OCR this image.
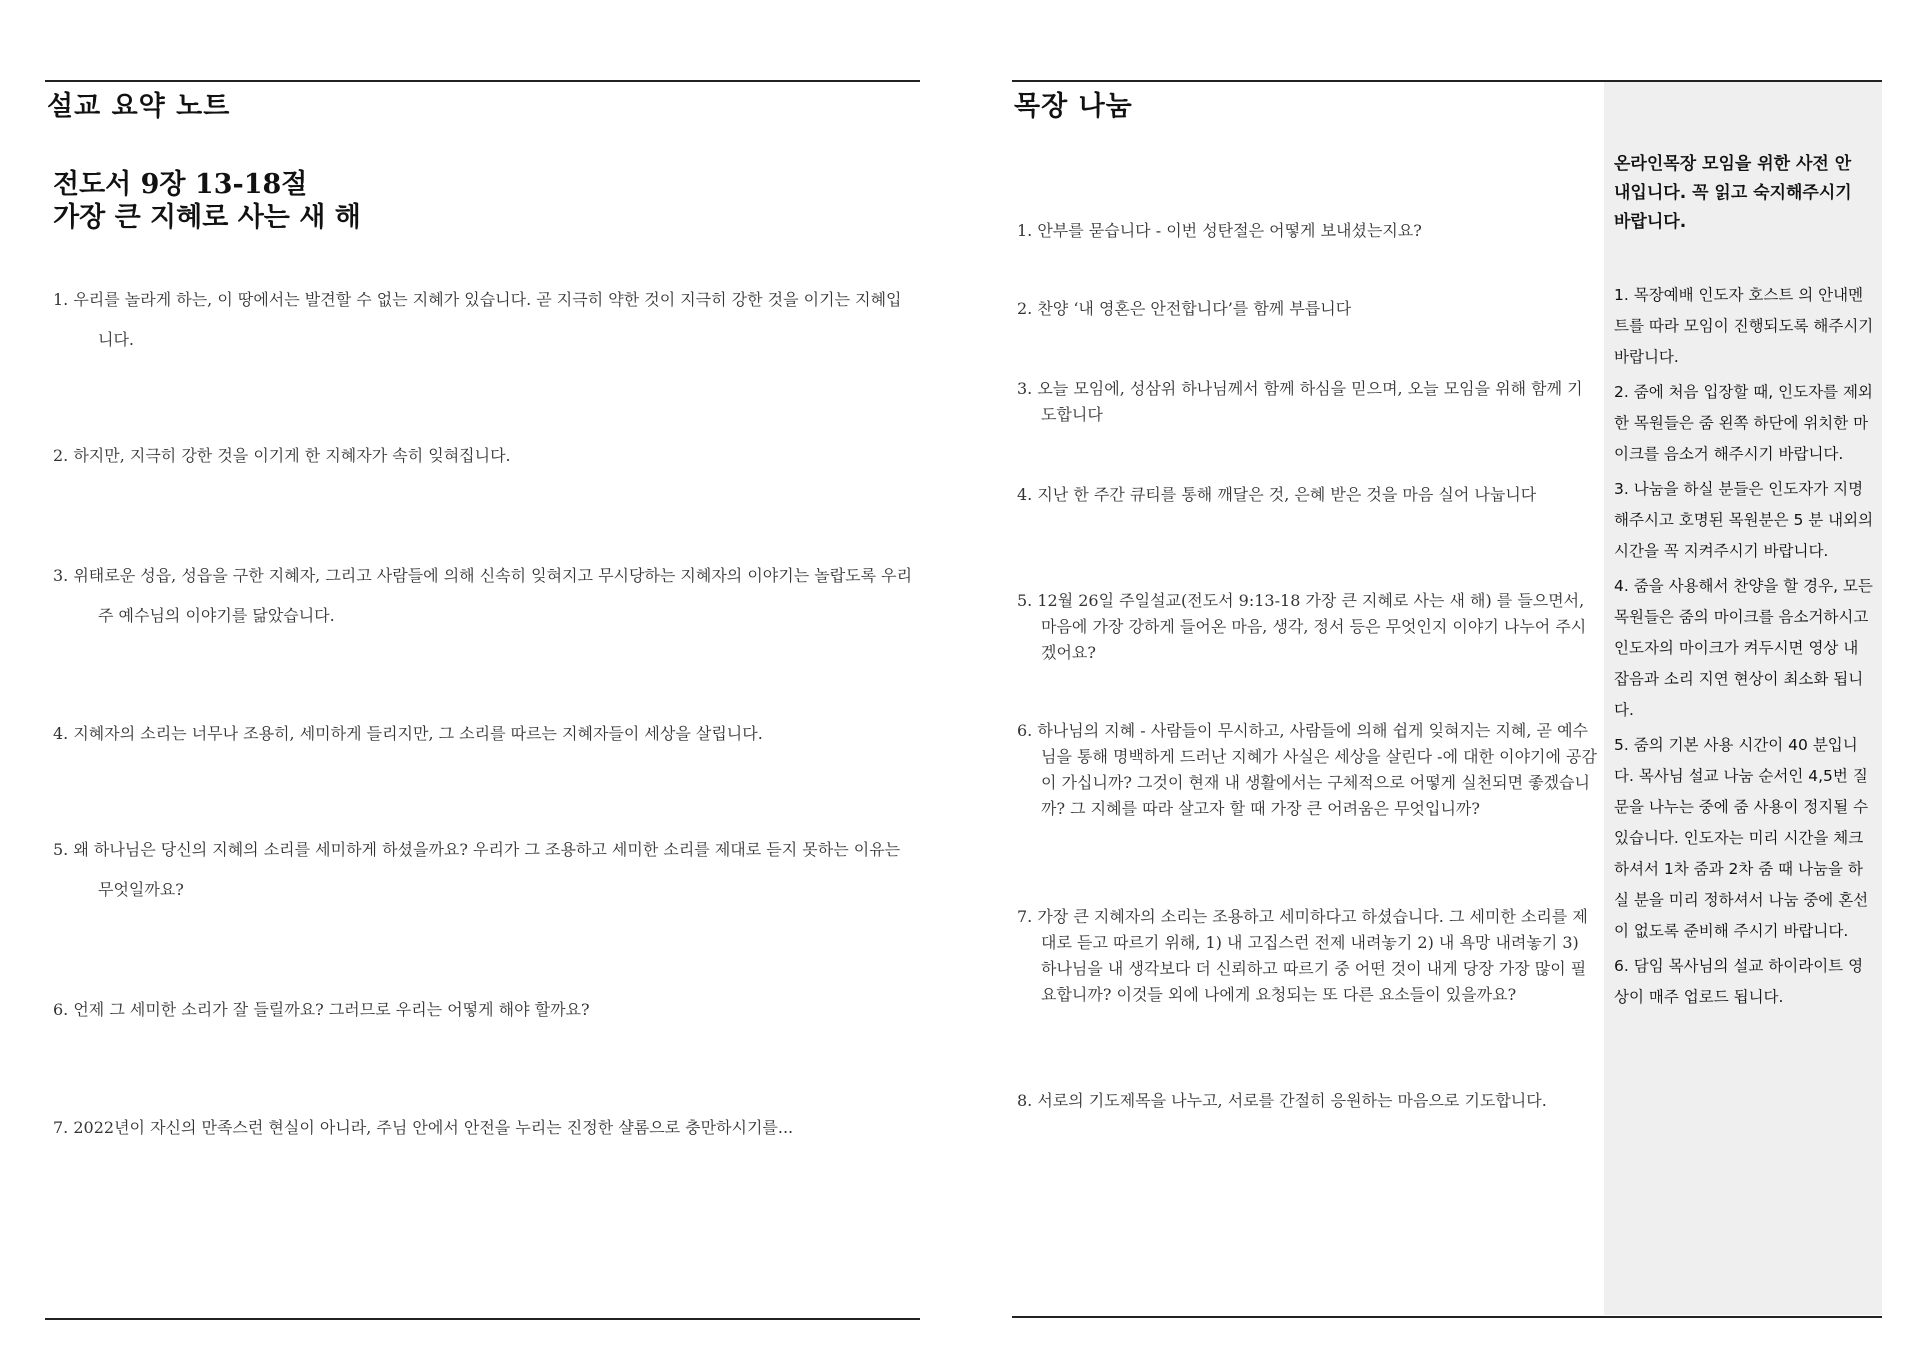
설교 요약 노트
전도서 9장 13-18절
가장 큰 지혜로 사는 새 해
1. 우리를 놀라게 하는, 이 땅에서는 발견할 수 없는 지혜가 있습니다. 곧 지극히 약한 것이 지극히 강한 것을 이기는 지혜입니다.
2. 하지만, 지극히 강한 것을 이기게 한 지혜자가 속히 잊혀집니다.
3. 위태로운 성읍, 성읍을 구한 지혜자, 그리고 사람들에 의해 신속히 잊혀지고 무시당하는 지혜자의 이야기는 놀랍도록 우리 주 예수님의 이야기를 닮았습니다.
4. 지혜자의 소리는 너무나 조용히, 세미하게 들리지만, 그 소리를 따르는 지혜자들이 세상을 살립니다.
5. 왜 하나님은 당신의 지혜의 소리를 세미하게 하셨을까요? 우리가 그 조용하고 세미한 소리를 제대로 듣지 못하는 이유는 무엇일까요?
6. 언제 그 세미한 소리가 잘 들릴까요? 그러므로 우리는 어떻게 해야 할까요?
7. 2022년이 자신의 만족스런 현실이 아니라, 주님 안에서 안전을 누리는 진정한 샬롬으로 충만하시기를...
목장 나눔
1. 안부를 묻습니다 - 이번 성탄절은 어떻게 보내셨는지요?
2. 찬양 ‘내 영혼은 안전합니다’를 함께 부릅니다
3. 오늘 모임에, 성삼위 하나님께서 함께 하심을 믿으며, 오늘 모임을 위해 함께 기도합니다
4. 지난 한 주간 큐티를 통해 깨달은 것, 은혜 받은 것을 마음 실어 나눕니다
5. 12월 26일 주일설교(전도서 9:13-18 가장 큰 지혜로 사는 새 해) 를 들으면서, 마음에 가장 강하게 들어온 마음, 생각, 정서 등은 무엇인지 이야기 나누어 주시겠어요?
6. 하나님의 지혜 - 사람들이 무시하고, 사람들에 의해 쉽게 잊혀지는 지혜, 곧 예수님을 통해 명백하게 드러난 지혜가 사실은 세상을 살린다 -에 대한 이야기에 공감이 가십니까? 그것이 현재 내 생활에서는 구체적으로 어떻게 실천되면 좋겠습니까? 그 지혜를 따라 살고자 할 때 가장 큰 어려움은 무엇입니까?
7. 가장 큰 지혜자의 소리는 조용하고 세미하다고 하셨습니다. 그 세미한 소리를 제대로 듣고 따르기 위해, 1) 내 고집스런 전제 내려놓기 2) 내 욕망 내려놓기 3) 하나님을 내 생각보다 더 신뢰하고 따르기 중 어떤 것이 내게 당장 가장 많이 필요합니까? 이것들 외에 나에게 요청되는 또 다른 요소들이 있을까요?
8. 서로의 기도제목을 나누고, 서로를 간절히 응원하는 마음으로 기도합니다.
온라인목장 모임을 위한 사전 안내입니다. 꼭 읽고 숙지해주시기 바랍니다.
1. 목장예배 인도자 호스트 의 안내멘트를 따라 모임이 진행되도록 해주시기 바랍니다.
2. 줌에 처음 입장할 때, 인도자를 제외한 목원들은 줌 왼쪽 하단에 위치한 마이크를 음소거 해주시기 바랍니다.
3. 나눔을 하실 분들은 인도자가 지명해주시고 호명된 목원분은 5 분 내외의 시간을 꼭 지켜주시기 바랍니다.
4. 줌을 사용해서 찬양을 할 경우, 모든 목원들은 줌의 마이크를 음소거하시고 인도자의 마이크가 켜두시면 영상 내 잡음과 소리 지연 현상이 최소화 됩니다.
5. 줌의 기본 사용 시간이 40 분입니다. 목사님 설교 나눔 순서인 4,5번 질문을 나누는 중에 줌 사용이 정지될 수 있습니다. 인도자는 미리 시간을 체크하셔서 1차 줌과 2차 줌 때 나눔을 하실 분을 미리 정하셔서 나눔 중에 혼선이 없도록 준비해 주시기 바랍니다.
6. 담임 목사님의 설교 하이라이트 영상이 매주 업로드 됩니다.
